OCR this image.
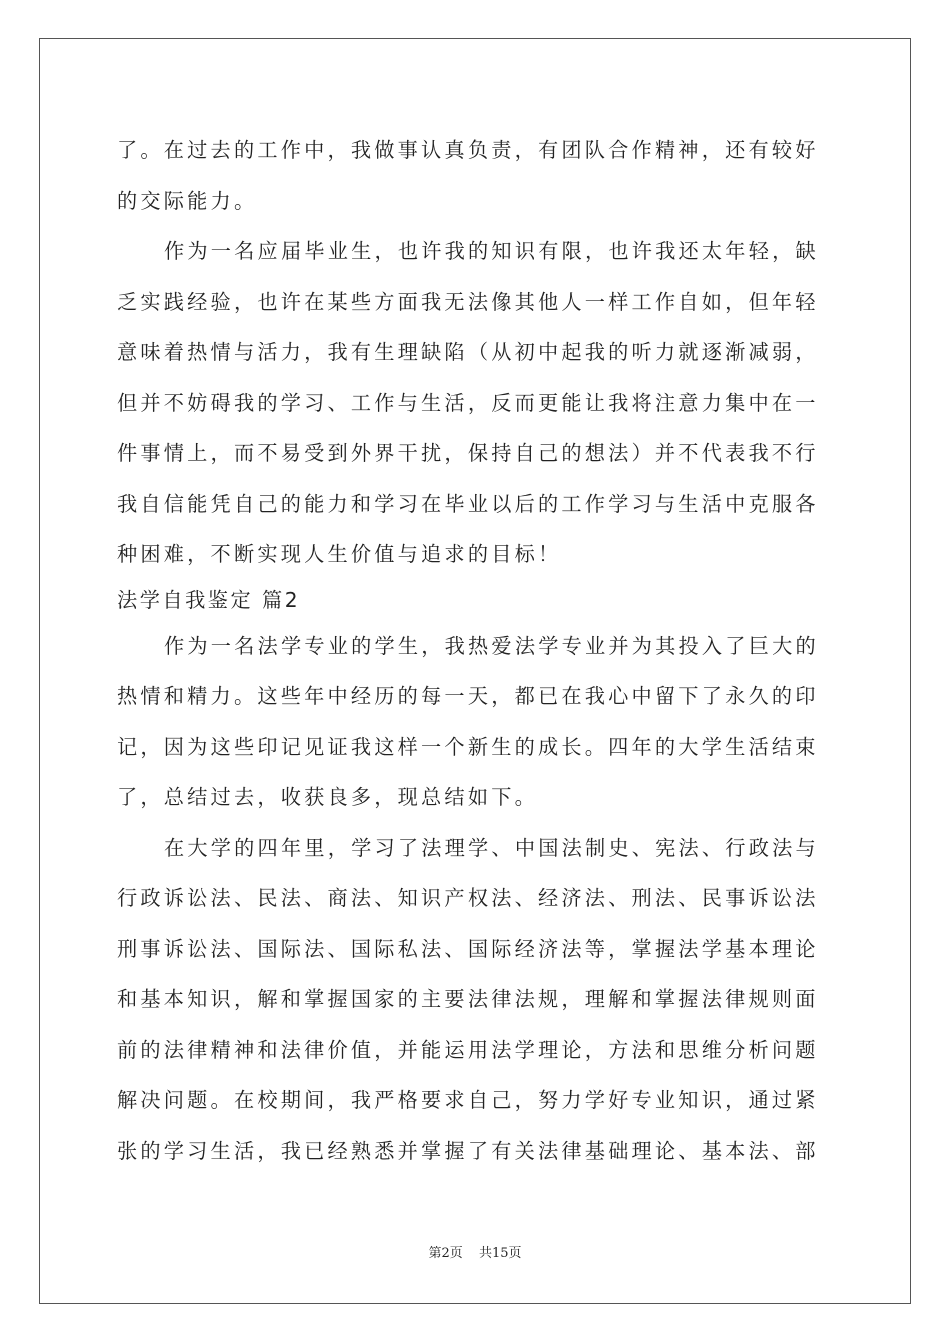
了。在过去的工作中，我做事认真负责，有团队合作精神，还有较好
的交际能力。
作为一名应届毕业生，也许我的知识有限，也许我还太年轻，缺
乏实践经验，也许在某些方面我无法像其他人一样工作自如，但年轻
意味着热情与活力，我有生理缺陷（从初中起我的听力就逐渐减弱，
但并不妨碍我的学习、工作与生活，反而更能让我将注意力集中在一
件事情上，而不易受到外界干扰，保持自己的想法）并不代表我不行
我自信能凭自己的能力和学习在毕业以后的工作学习与生活中克服各
种困难，不断实现人生价值与追求的目标！
法学自我鉴定 篇2
作为一名法学专业的学生，我热爱法学专业并为其投入了巨大的
热情和精力。这些年中经历的每一天，都已在我心中留下了永久的印
记，因为这些印记见证我这样一个新生的成长。四年的大学生活结束
了，总结过去，收获良多，现总结如下。
在大学的四年里，学习了法理学、中国法制史、宪法、行政法与
行政诉讼法、民法、商法、知识产权法、经济法、刑法、民事诉讼法
刑事诉讼法、国际法、国际私法、国际经济法等，掌握法学基本理论
和基本知识，解和掌握国家的主要法律法规，理解和掌握法律规则面
前的法律精神和法律价值，并能运用法学理论，方法和思维分析问题
解决问题。在校期间，我严格要求自己，努力学好专业知识，通过紧
张的学习生活，我已经熟悉并掌握了有关法律基础理论、基本法、部
第2页 共15页
